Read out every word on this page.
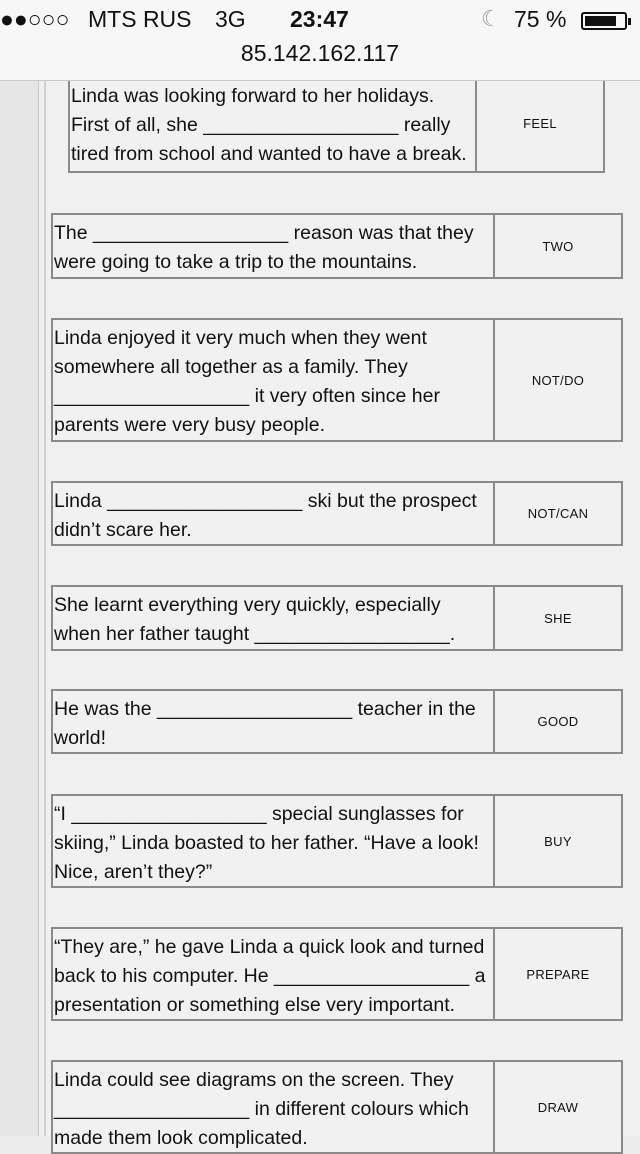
●●○○○ MTS RUS 3G 23:47	☾ 75 %
85.142.162.117
Linda was looking forward to her holidays. First of all, she __________________ really tired from school and wanted to have a break.
FEEL
The __________________ reason was that they were going to take a trip to the mountains.
TWO
Linda enjoyed it very much when they went somewhere all together as a family. They __________________ it very often since her parents were very busy people.
NOT/DO
Linda __________________ ski but the prospect didn’t scare her.
NOT/CAN
She learnt everything very quickly, especially when her father taught __________________.
SHE
He was the __________________ teacher in the world!
GOOD
“I __________________ special sunglasses for skiing,” Linda boasted to her father. “Have a look! Nice, aren’t they?”
BUY
“They are,” he gave Linda a quick look and turned back to his computer. He __________________ a presentation or something else very important.
PREPARE
Linda could see diagrams on the screen. They __________________ in different colours which made them look complicated.
DRAW
